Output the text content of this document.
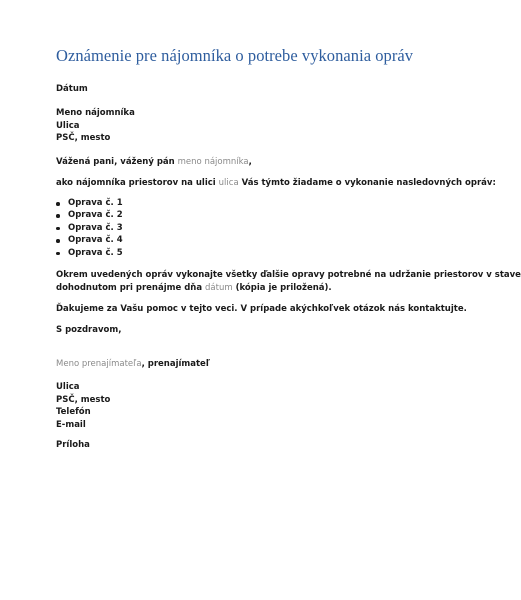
Oznámenie pre nájomníka o potrebe vykonania opráv
Dátum
Meno nájomníka
Ulica
PSČ, mesto
Vážená pani, vážený pán meno nájomníka,
ako nájomníka priestorov na ulici ulica Vás týmto žiadame o vykonanie nasledovných opráv:
Oprava č. 1
Oprava č. 2
Oprava č. 3
Oprava č. 4
Oprava č. 5
Okrem uvedených opráv vykonajte všetky ďalšie opravy potrebné na udržanie priestorov v stave
dohodnutom pri prenájme dňa dátum (kópia je priložená).
Ďakujeme za Vašu pomoc v tejto veci. V prípade akýchkoľvek otázok nás kontaktujte.
S pozdravom,
Meno prenajímateľa, prenajímateľ
Ulica
PSČ, mesto
Telefón
E-mail
Príloha
